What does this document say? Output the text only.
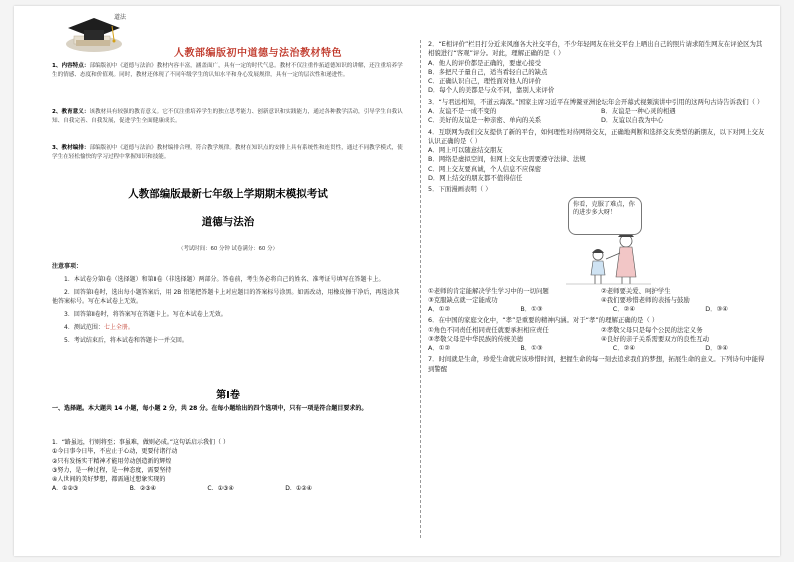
道法
人教部编版初中道德与法治教材特色
1、内容特点：部编版初中《道德与法治》教材内容丰富，涵盖面广，具有一定的时代气息。教材不仅注重作拓道德知识的讲解，还注重培养学生的情感、态度和价值观。同时，教材还体现了不同年级学生的认知水平和身心发展规律，具有一定的层次性和递进性。
2、教育意义：该教材具有较强的教育意义。它不仅注重培养学生的独立思考能力、创新意识和实践能力，通过各种教学活动，引导学生自我认知、自我完善、自我发展，促进学生全面健康成长。
3、教材编排：部编版初中《道德与法治》教材编排合理，符合教学规律。教材在知识点的安排上具有系统性和连贯性，通过不同教学模式，使学生在轻松愉快的学习过程中掌握知识和技能。
人教部编版最新七年级上学期期末模拟考试
道德与法治
（考试时间：60 分钟 试卷满分：60 分）

注意事项：

1．本试卷分第Ⅰ卷（选择题）和第Ⅱ卷（非选择题）两部分。答卷前，考生务必将自己的姓名、准考证号填写在答题卡上。

2．回答第Ⅰ卷时，选出每小题答案后，用 2B 铅笔把答题卡上对应题目的答案标号涂黑。如需改动，用橡皮擦干净后，再选涂其他答案标号。写在本试卷上无效。

3．回答第Ⅱ卷时，将答案写在答题卡上。写在本试卷上无效。

4．测试范围：七上全册。

5．考试结束后，将本试卷和答题卡一并交回。

第Ⅰ卷
一、选择题。本大题共 14 小题，每小题 2 分，共 28 分。在每小题给出的四个选项中，只有一项是符合题目要求的。

1．“路虽远，行则将至；事虽难，做则必成。”这句话启示我们（ ）

①今日事今日毕，不应止于心动，更要付诸行动

②只有发扬实干精神才能用劳动创造新的辉煌

③努力，是一种过程，是一种态度，需要坚持

④人世间的美好梦想，都需通过想象实现的

A．①②③	B．②③④	C．①③④	D．①②④

2．“E相评价”栏目打分近来风靡各大社交平台，不少年轻网友在社交平台上晒出自己的照片请求陌生网友在评论区为其相貌进行“客观”评分。对此，理解正确的是（ ）

A．他人的评价都是正确的，要虚心接受

B．多把尺子量自己，适当看轻自己的缺点

C．正确认识自己，理性面对他人的评价

D．每个人的美都是与众不同，靠别人来评价

3．“与君远相知，不道云海深。”国家主席习近平在博鳌亚洲论坛年会开幕式视频演讲中引用的这两句古诗告诉我们（ ）

A．友谊不是一成不变的	B．友谊是一种心灵的相遇
C．美好的友谊是一种亲密、单向的关系	D．友谊以自我为中心

4．互联网为我们交友提供了新的平台，如何理性对待网络交友，正确地判断和选择交友类型的新朋友，以下对网上交友认识正确的是（ ）

A．网上可以随意结交朋友

B．网络是虚拟空间，但网上交友也需要遵守法律、法规

C．网上交友要真诚，个人信息不应保密

D．网上结交的朋友都不值得信任

5．下面漫画表明（ ）

你看，克服了难点，你的进步多大呀！
①老师的肯定能解决学生学习中的一切问题	②老师要关爱、呵护学生
③克服缺点就一定能成功	④我们要珍惜老师的表扬与鼓励
A．①②	B．①③	C．②④	D．③④

6．在中国的家庭文化中，“孝”是重要的精神内涵。对于“孝”的理解正确的是（ ）

①角色不同责任相同责任就要承担相应责任	②孝敬父母只是每个公民的法定义务
③孝敬父母是中华民族的传统美德	④良好的亲子关系需要双方的良性互动
A．①②	B．①③	C．②④	D．③④

7．时间就是生命，珍爱生命就应该珍惜时间，把握生命的每一刻去追求我们的梦想，拓展生命的意义。下列诗句中能得到警醒
